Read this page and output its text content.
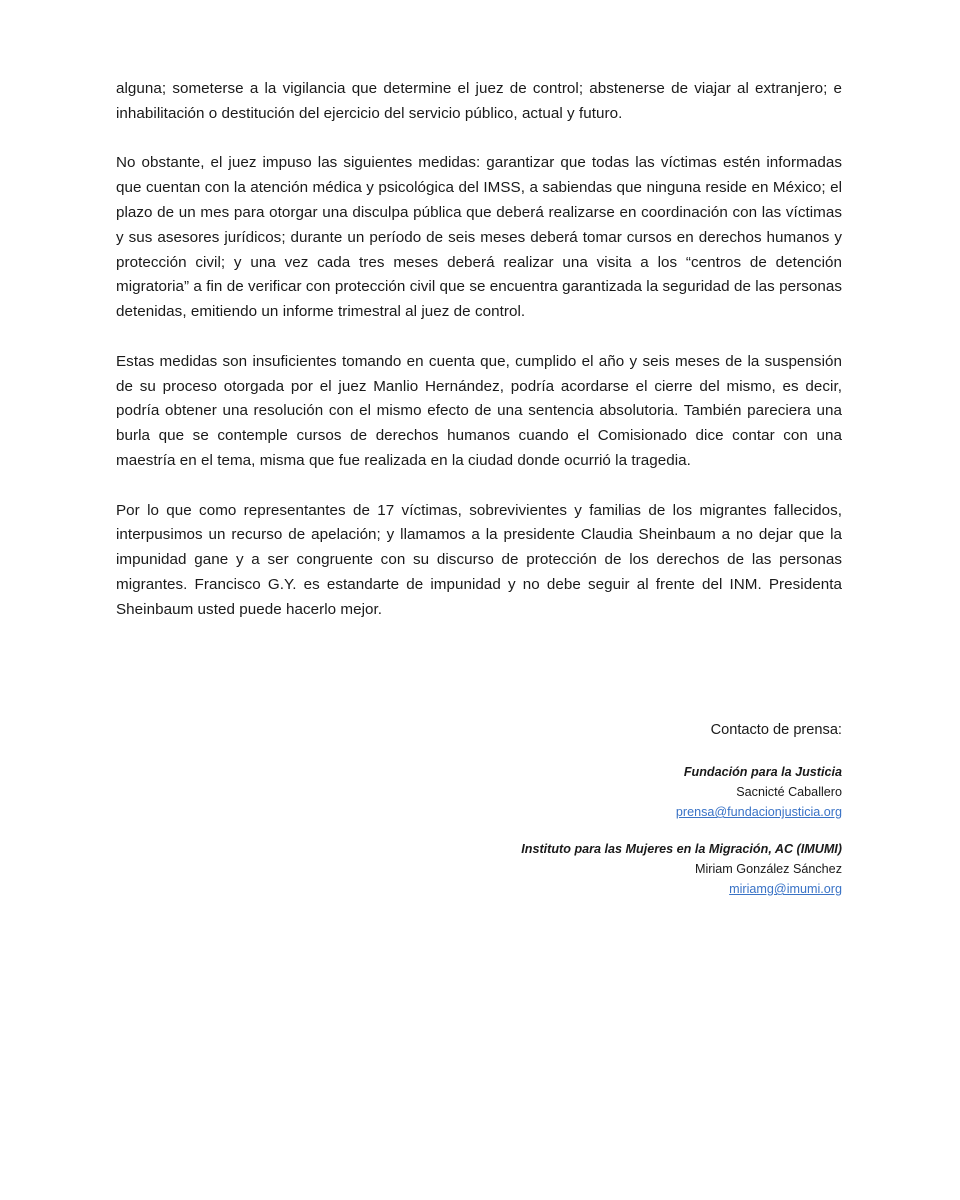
alguna; someterse a la vigilancia que determine el juez de control; abstenerse de viajar al extranjero; e inhabilitación o destitución del ejercicio del servicio público, actual y futuro.

No obstante, el juez impuso las siguientes medidas: garantizar que todas las víctimas estén informadas que cuentan con la atención médica y psicológica del IMSS, a sabiendas que ninguna reside en México; el plazo de un mes para otorgar una disculpa pública que deberá realizarse en coordinación con las víctimas y sus asesores jurídicos; durante un período de seis meses deberá tomar cursos en derechos humanos y protección civil; y una vez cada tres meses deberá realizar una visita a los “centros de detención migratoria” a fin de verificar con protección civil que se encuentra garantizada la seguridad de las personas detenidas, emitiendo un informe trimestral al juez de control.

Estas medidas son insuficientes tomando en cuenta que, cumplido el año y seis meses de la suspensión de su proceso otorgada por el juez Manlio Hernández, podría acordarse el cierre del mismo, es decir, podría obtener una resolución con el mismo efecto de una sentencia absolutoria. También pareciera una burla que se contemple cursos de derechos humanos cuando el Comisionado dice contar con una maestría en el tema, misma que fue realizada en la ciudad donde ocurrió la tragedia.

Por lo que como representantes de 17 víctimas, sobrevivientes y familias de los migrantes fallecidos, interpusimos un recurso de apelación; y llamamos a la presidente Claudia Sheinbaum a no dejar que la impunidad gane y a ser congruente con su discurso de protección de los derechos de las personas migrantes. Francisco G.Y. es estandarte de impunidad y no debe seguir al frente del INM. Presidenta Sheinbaum usted puede hacerlo mejor.

Contacto de prensa:

Fundación para la Justicia

Sacnicté Caballero

prensa@fundacionjusticia.org

Instituto para las Mujeres en la Migración, AC (IMUMI)

Miriam González Sánchez

miriamg@imumi.org
